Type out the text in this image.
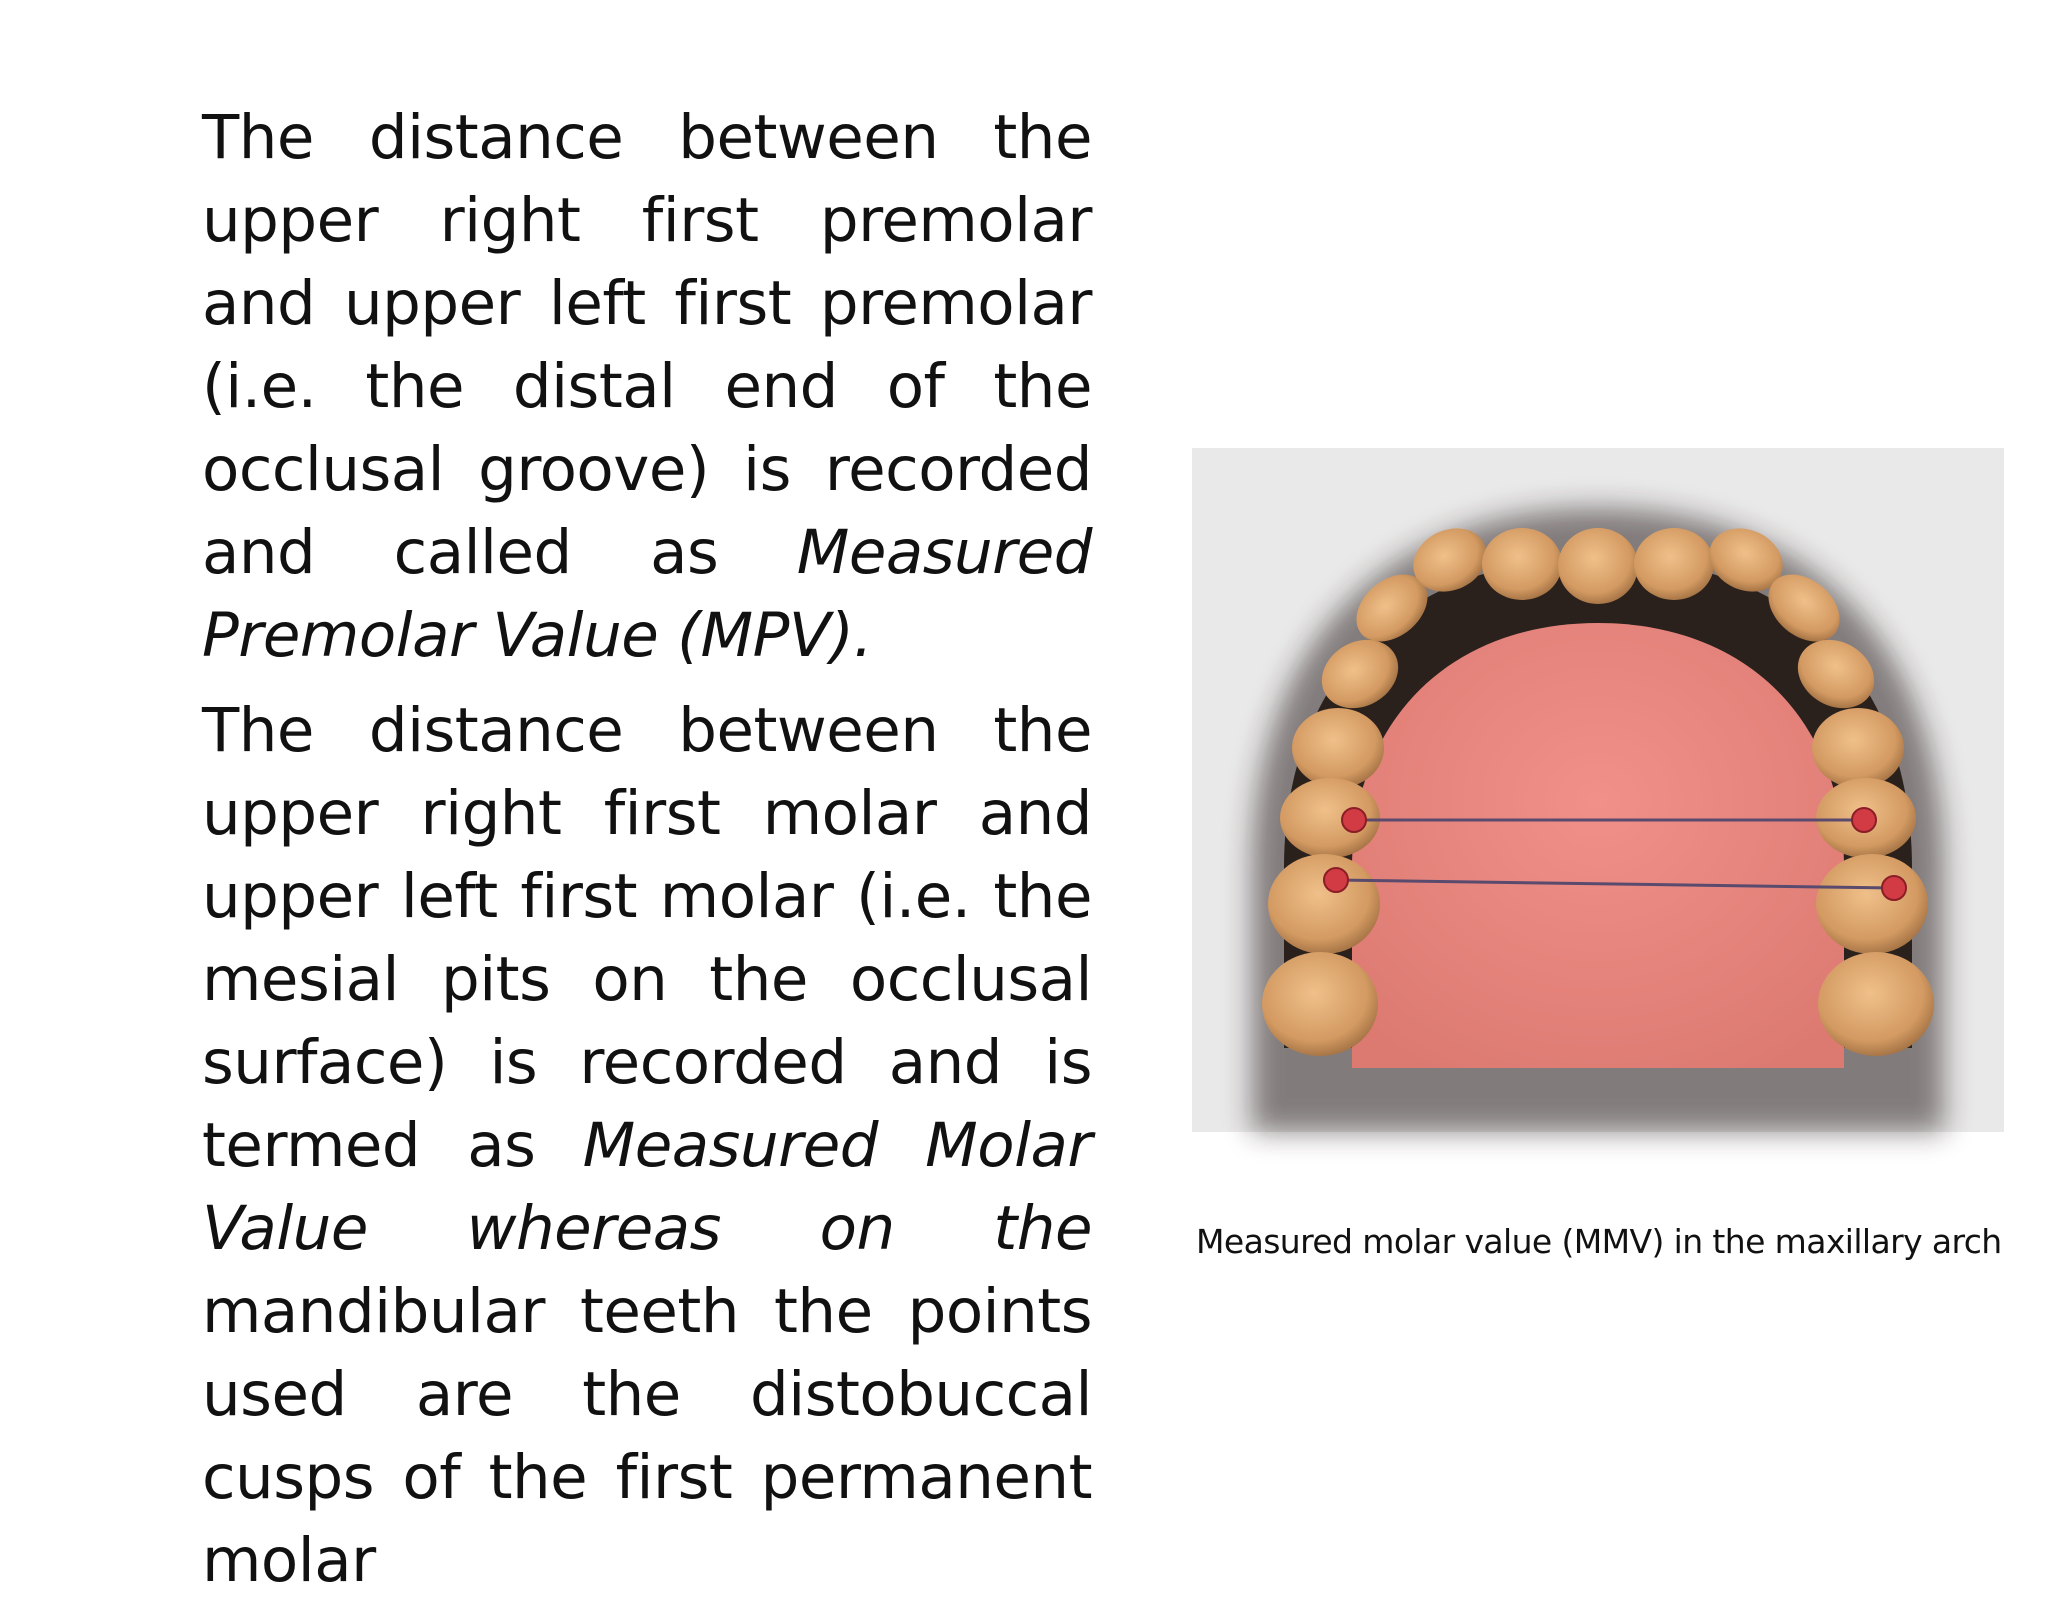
The distance between the upper right first premolar and upper left first premolar (i.e. the distal end of the occlusal groove) is recorded and called as Measured Premolar Value (MPV).

The distance between the upper right first molar and upper left first molar (i.e. the mesial pits on the occlusal surface) is recorded and is termed as Measured Molar Value whereas on the mandibular teeth the points used are the distobuccal cusps of the first permanent molar

Measured molar value (MMV) in the maxillary arch
